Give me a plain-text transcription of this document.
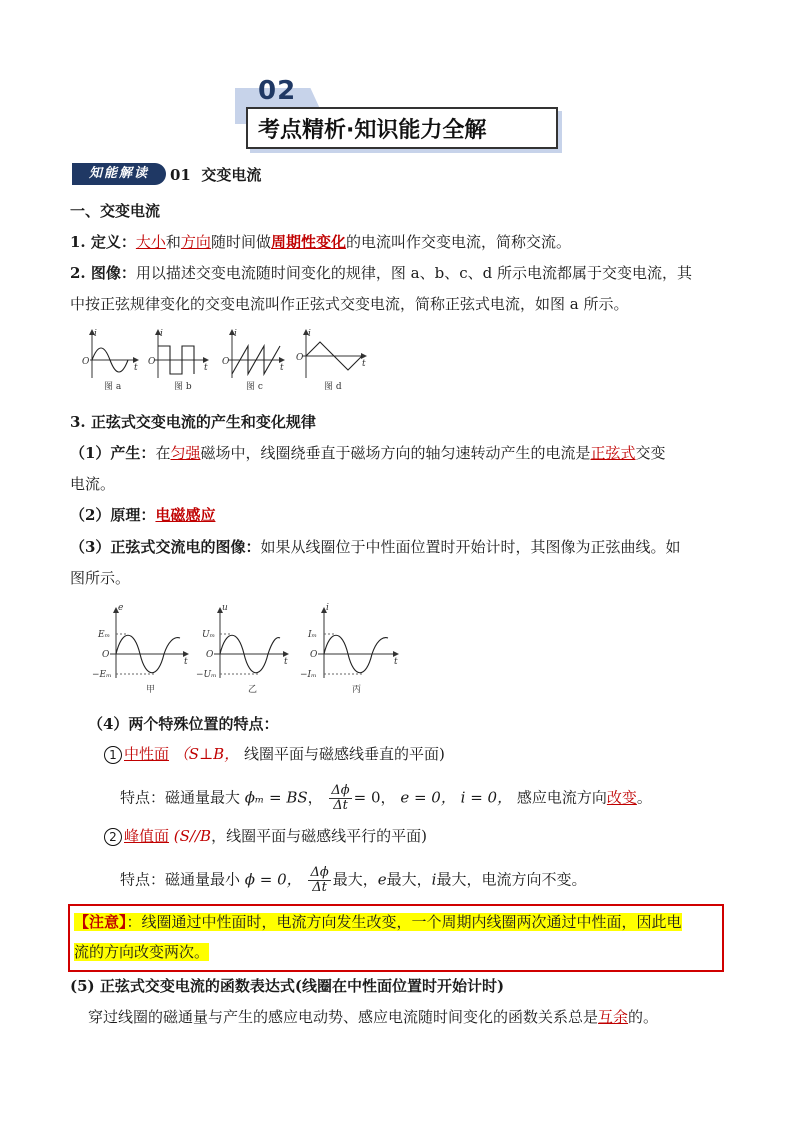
02
考点精析·知识能力全解
知能解读	01 交变电流
一、交变电流
1. 定义：大小和方向随时间做周期性变化的电流叫作交变电流，简称交流。
2. 图像：用以描述交变电流随时间变化的规律，图 a、b、c、d 所示电流都属于交变电流，其
中按正弦规律变化的交变电流叫作正弦式交变电流，简称正弦式电流，如图 a 所示。
i
t
O
图 a
i
t
O
图 b
i
t
O
图 c
i
t
O
图 d
3. 正弦式交变电流的产生和变化规律
（1）产生：在匀强磁场中，线圈绕垂直于磁场方向的轴匀速转动产生的电流是正弦式交变
电流。
（2）原理：电磁感应
（3）正弦式交流电的图像：如果从线圈位于中性面位置时开始计时，其图像为正弦曲线。如
图所示。
e
Eₘ
O
−Eₘ
t
甲
u
Uₘ
O
−Uₘ
t
乙
i
Iₘ
O
−Iₘ
t
丙
（4）两个特殊位置的特点：
1 中性面 （S⊥B， 线圈平面与磁感线垂直的平面)
特点：磁通量最大 ϕₘ = BS， $\frac{\Delta\phi}{\Delta t} = 0$， e = 0， i = 0， 感应电流方向改变。
2 峰值面 (S//B，线圈平面与磁感线平行的平面)
特点：磁通量最小 ϕ = 0， $\frac{\Delta\phi}{\Delta t}$ 最大，e最大，i最大，电流方向不变。
【注意】：线圈通过中性面时，电流方向发生改变，一个周期内线圈两次通过中性面，因此电
流的方向改变两次。
(5) 正弦式交变电流的函数表达式(线圈在中性面位置时开始计时)
穿过线圈的磁通量与产生的感应电动势、感应电流随时间变化的函数关系总是互余的。
